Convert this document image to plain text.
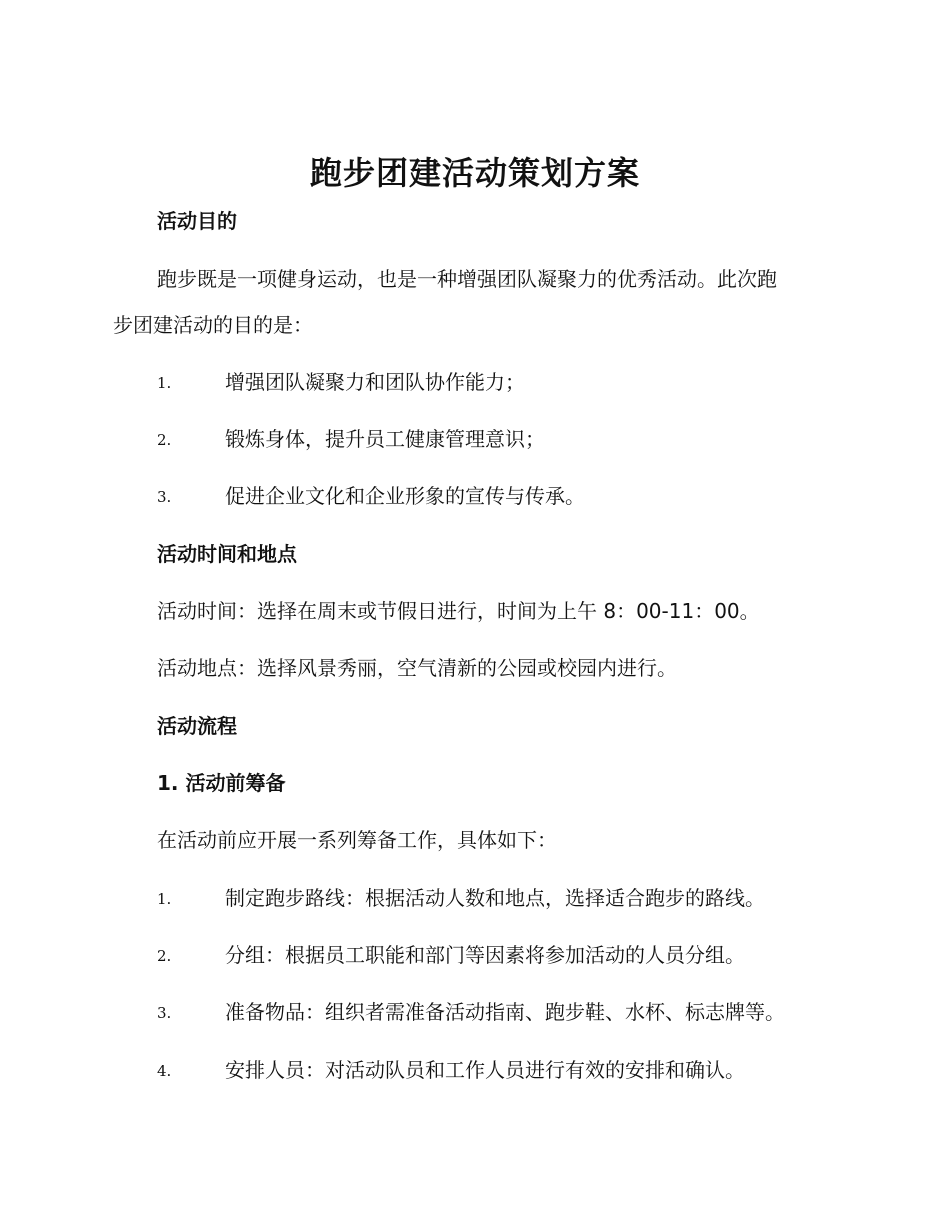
跑步团建活动策划方案
活动目的

跑步既是一项健身运动，也是一种增强团队凝聚力的优秀活动。此次跑

步团建活动的目的是：

1.	增强团队凝聚力和团队协作能力；
2.	锻炼身体，提升员工健康管理意识；
3.	促进企业文化和企业形象的宣传与传承。
活动时间和地点

活动时间：选择在周末或节假日进行，时间为上午 8：00-11：00。

活动地点：选择风景秀丽，空气清新的公园或校园内进行。

活动流程
1. 活动前筹备

在活动前应开展一系列筹备工作，具体如下：

1.	制定跑步路线：根据活动人数和地点，选择适合跑步的路线。
2.	分组：根据员工职能和部门等因素将参加活动的人员分组。
3.	准备物品：组织者需准备活动指南、跑步鞋、水杯、标志牌等。
4.	安排人员：对活动队员和工作人员进行有效的安排和确认。
